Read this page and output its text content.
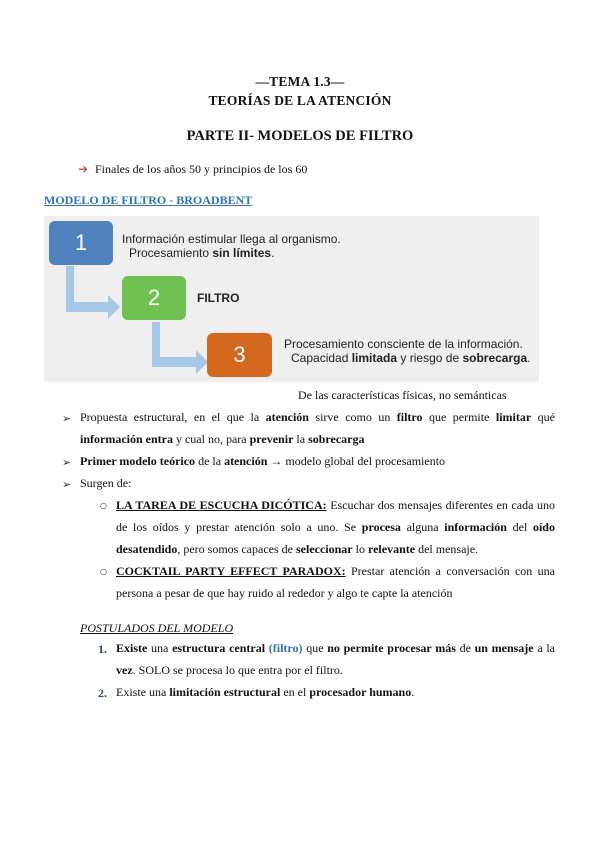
—TEMA 1.3—
TEORÍAS DE LA ATENCIÓN
PARTE II- MODELOS DE FILTRO
➔ Finales de los años 50 y principios de los 60
MODELO DE FILTRO - BROADBENT
1	Información estimular llega al organismo.
Procesamiento sin límites.
2	FILTRO
3	Procesamiento consciente de la información.
Capacidad limitada y riesgo de sobrecarga.
De las características físicas, no semánticas
➢ Propuesta estructural, en el que la atención sirve como un filtro que permite limitar qué información entra y cual no, para prevenir la sobrecarga
➢ Primer modelo teórico de la atención → modelo global del procesamiento
➢ Surgen de:
○ LA TAREA DE ESCUCHA DICÓTICA: Escuchar dos mensajes diferentes en cada uno de los oídos y prestar atención solo a uno. Se procesa alguna información del oído desatendido, pero somos capaces de seleccionar lo relevante del mensaje.
○ COCKTAIL PARTY EFFECT PARADOX: Prestar atención a conversación con una persona a pesar de que hay ruido al rededor y algo te capte la atención
POSTULADOS DEL MODELO
1. Existe una estructura central (filtro) que no permite procesar más de un mensaje a la vez. SOLO se procesa lo que entra por el filtro.
2. Existe una limitación estructural en el procesador humano.
